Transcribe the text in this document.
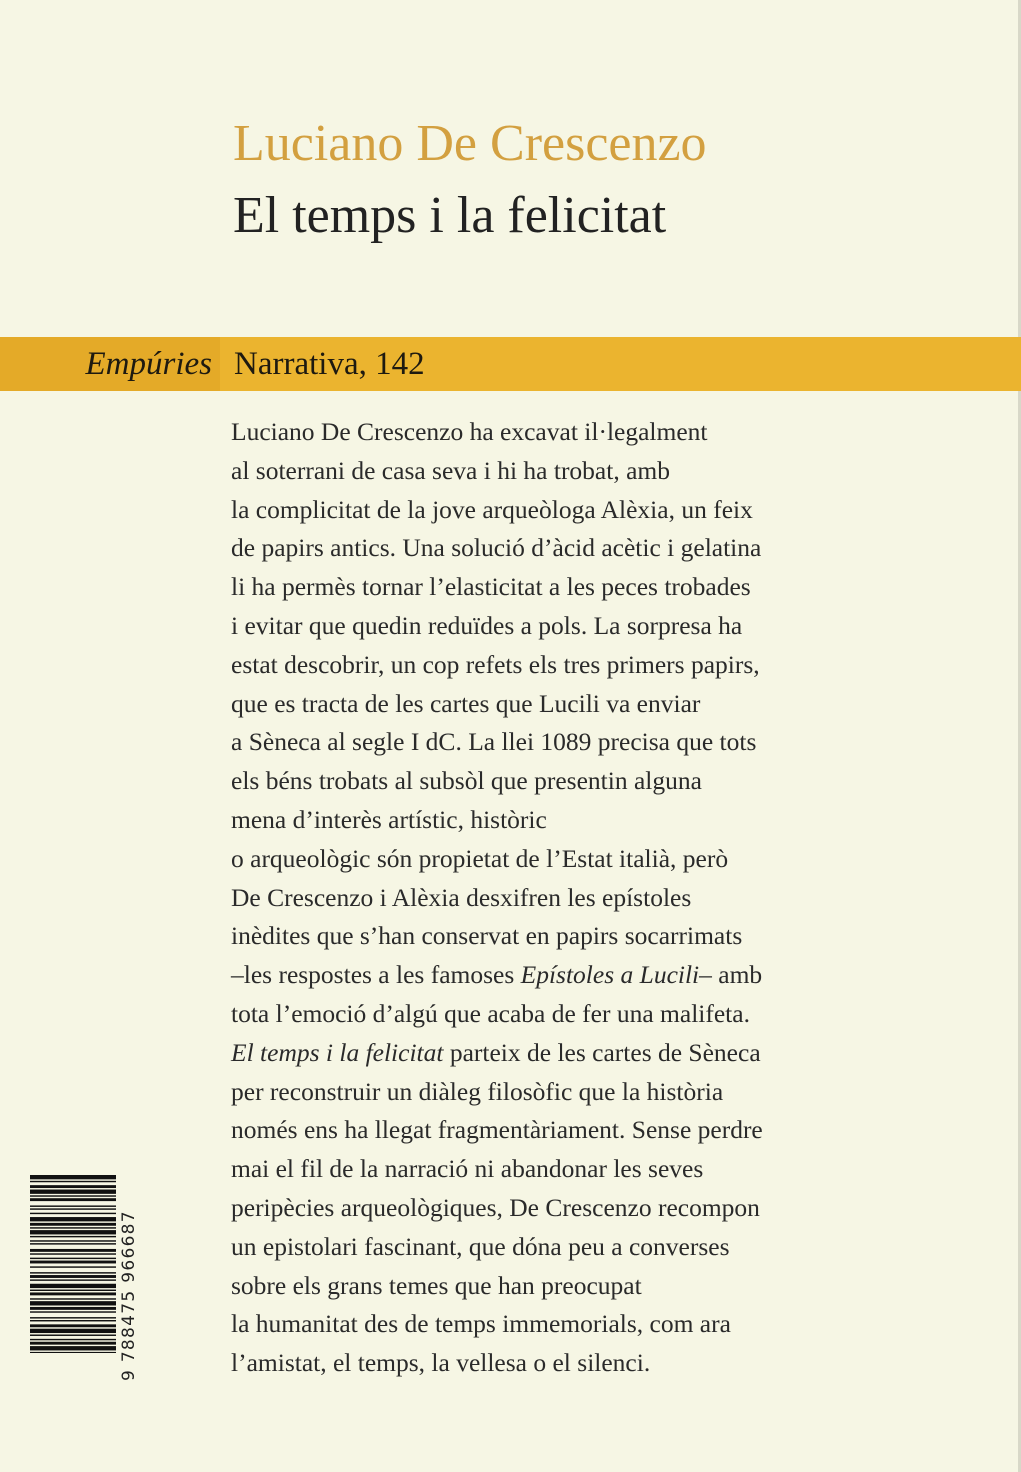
Luciano De Crescenzo
El temps i la felicitat
Empúries Narrativa, 142
Luciano De Crescenzo ha excavat il·legalment
al soterrani de casa seva i hi ha trobat, amb
la complicitat de la jove arqueòloga Alèxia, un feix
de papirs antics. Una solució d’àcid acètic i gelatina
li ha permès tornar l’elasticitat a les peces trobades
i evitar que quedin reduïdes a pols. La sorpresa ha
estat descobrir, un cop refets els tres primers papirs,
que es tracta de les cartes que Lucili va enviar
a Sèneca al segle I dC. La llei 1089 precisa que tots
els béns trobats al subsòl que presentin alguna
mena d’interès artístic, històric
o arqueològic són propietat de l’Estat italià, però
De Crescenzo i Alèxia desxifren les epístoles
inèdites que s’han conservat en papirs socarrimats
–les respostes a les famoses Epístoles a Lucili– amb
tota l’emoció d’algú que acaba de fer una malifeta.
El temps i la felicitat parteix de les cartes de Sèneca
per reconstruir un diàleg filosòfic que la història
només ens ha llegat fragmentàriament. Sense perdre
mai el fil de la narració ni abandonar les seves
peripècies arqueològiques, De Crescenzo recompon
un epistolari fascinant, que dóna peu a converses
sobre els grans temes que han preocupat
la humanitat des de temps immemorials, com ara
l’amistat, el temps, la vellesa o el silenci.
9 788475 966687
